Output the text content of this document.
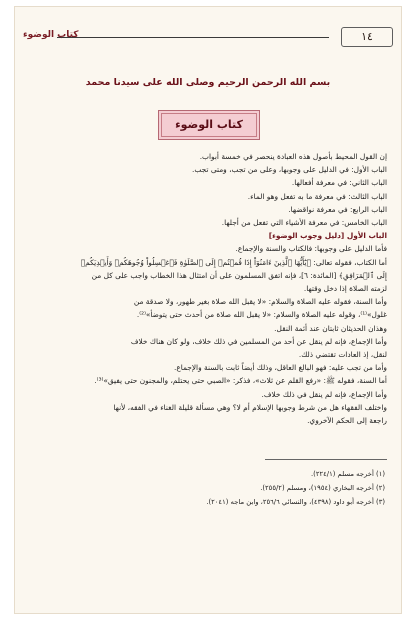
١٤
كتاب الوضوء
بسم الله الرحمن الرحيم وصلى الله على سيدنا محمد
كتاب الوضوء

إن القول المحيط بأصول هذه العبادة ينحصر في خمسة أبواب.

الباب الأول: في الدليل على وجوبها، وعلى من تجب، ومتى تجب.

الباب الثاني: في معرفة أفعالها.

الباب الثالث: في معرفة ما به تفعل وهو الماء.

الباب الرابع: في معرفة نواقضها.

الباب الخامس: في معرفة الأشياء التي تفعل من أجلها.

الباب الأول [دليل وجوب الوضوء]

فأما الدليل على وجوبها: فالكتاب والسنة والإجماع.

أما الكتاب، فقوله تعالى: ﴿يَٰٓأَيُّهَا ٱلَّذِينَ ءَامَنُوٓاْ إِذَا قُمۡتُمۡ إِلَى ٱلصَّلَوٰةِ فَٱغۡسِلُواْ وُجُوهَكُمۡ وَأَيۡدِيَكُمۡ

إِلَى ٱلۡمَرَافِقِ﴾ [المائدة: ٦]، فإنه اتفق المسلمون على أن امتثال هذا الخطاب واجب على كل من

لزمته الصلاة إذا دخل وقتها.

وأما السنة، فقوله عليه الصلاة والسلام: «لا يقبل الله صلاة بغير طهور، ولا صدقة من

غلول»⁽¹⁾، وقوله عليه الصلاة والسلام: «لا يقبل الله صلاة من أحدث حتى يتوضأ»⁽²⁾.

وهذان الحديثان ثابتان عند أئمة النقل.

وأما الإجماع، فإنه لم ينقل عن أحد من المسلمين في ذلك خلاف، ولو كان هناك خلاف

لنقل، إذ العادات تقتضي ذلك.

وأما من تجب عليه: فهو البالغ العاقل، وذلك أيضاً ثابت بالسنة والإجماع.

أما السنة، فقوله ﷺ: «رفع القلم عن ثلاث»، فذكر: «الصبي حتى يحتلم، والمجنون حتى يفيق»⁽³⁾.

وأما الإجماع، فإنه لم ينقل في ذلك خلاف.

واختلف الفقهاء هل من شرط وجوبها الإسلام أم لا؟ وهي مسألة قليلة الغناء في الفقه، لأنها

راجعة إلى الحكم الآخروي.

(١) أخرجه مسلم (٢٢٤/١).

(٢) أخرجه البخاري (١٩٥٤)، ومسلم (٢٥٥/٢).

(٣) أخرجه أبو داود (٤٣٩٨)، والنسائي ٢٥٦/٦، وابن ماجه (٢٠٤١).
